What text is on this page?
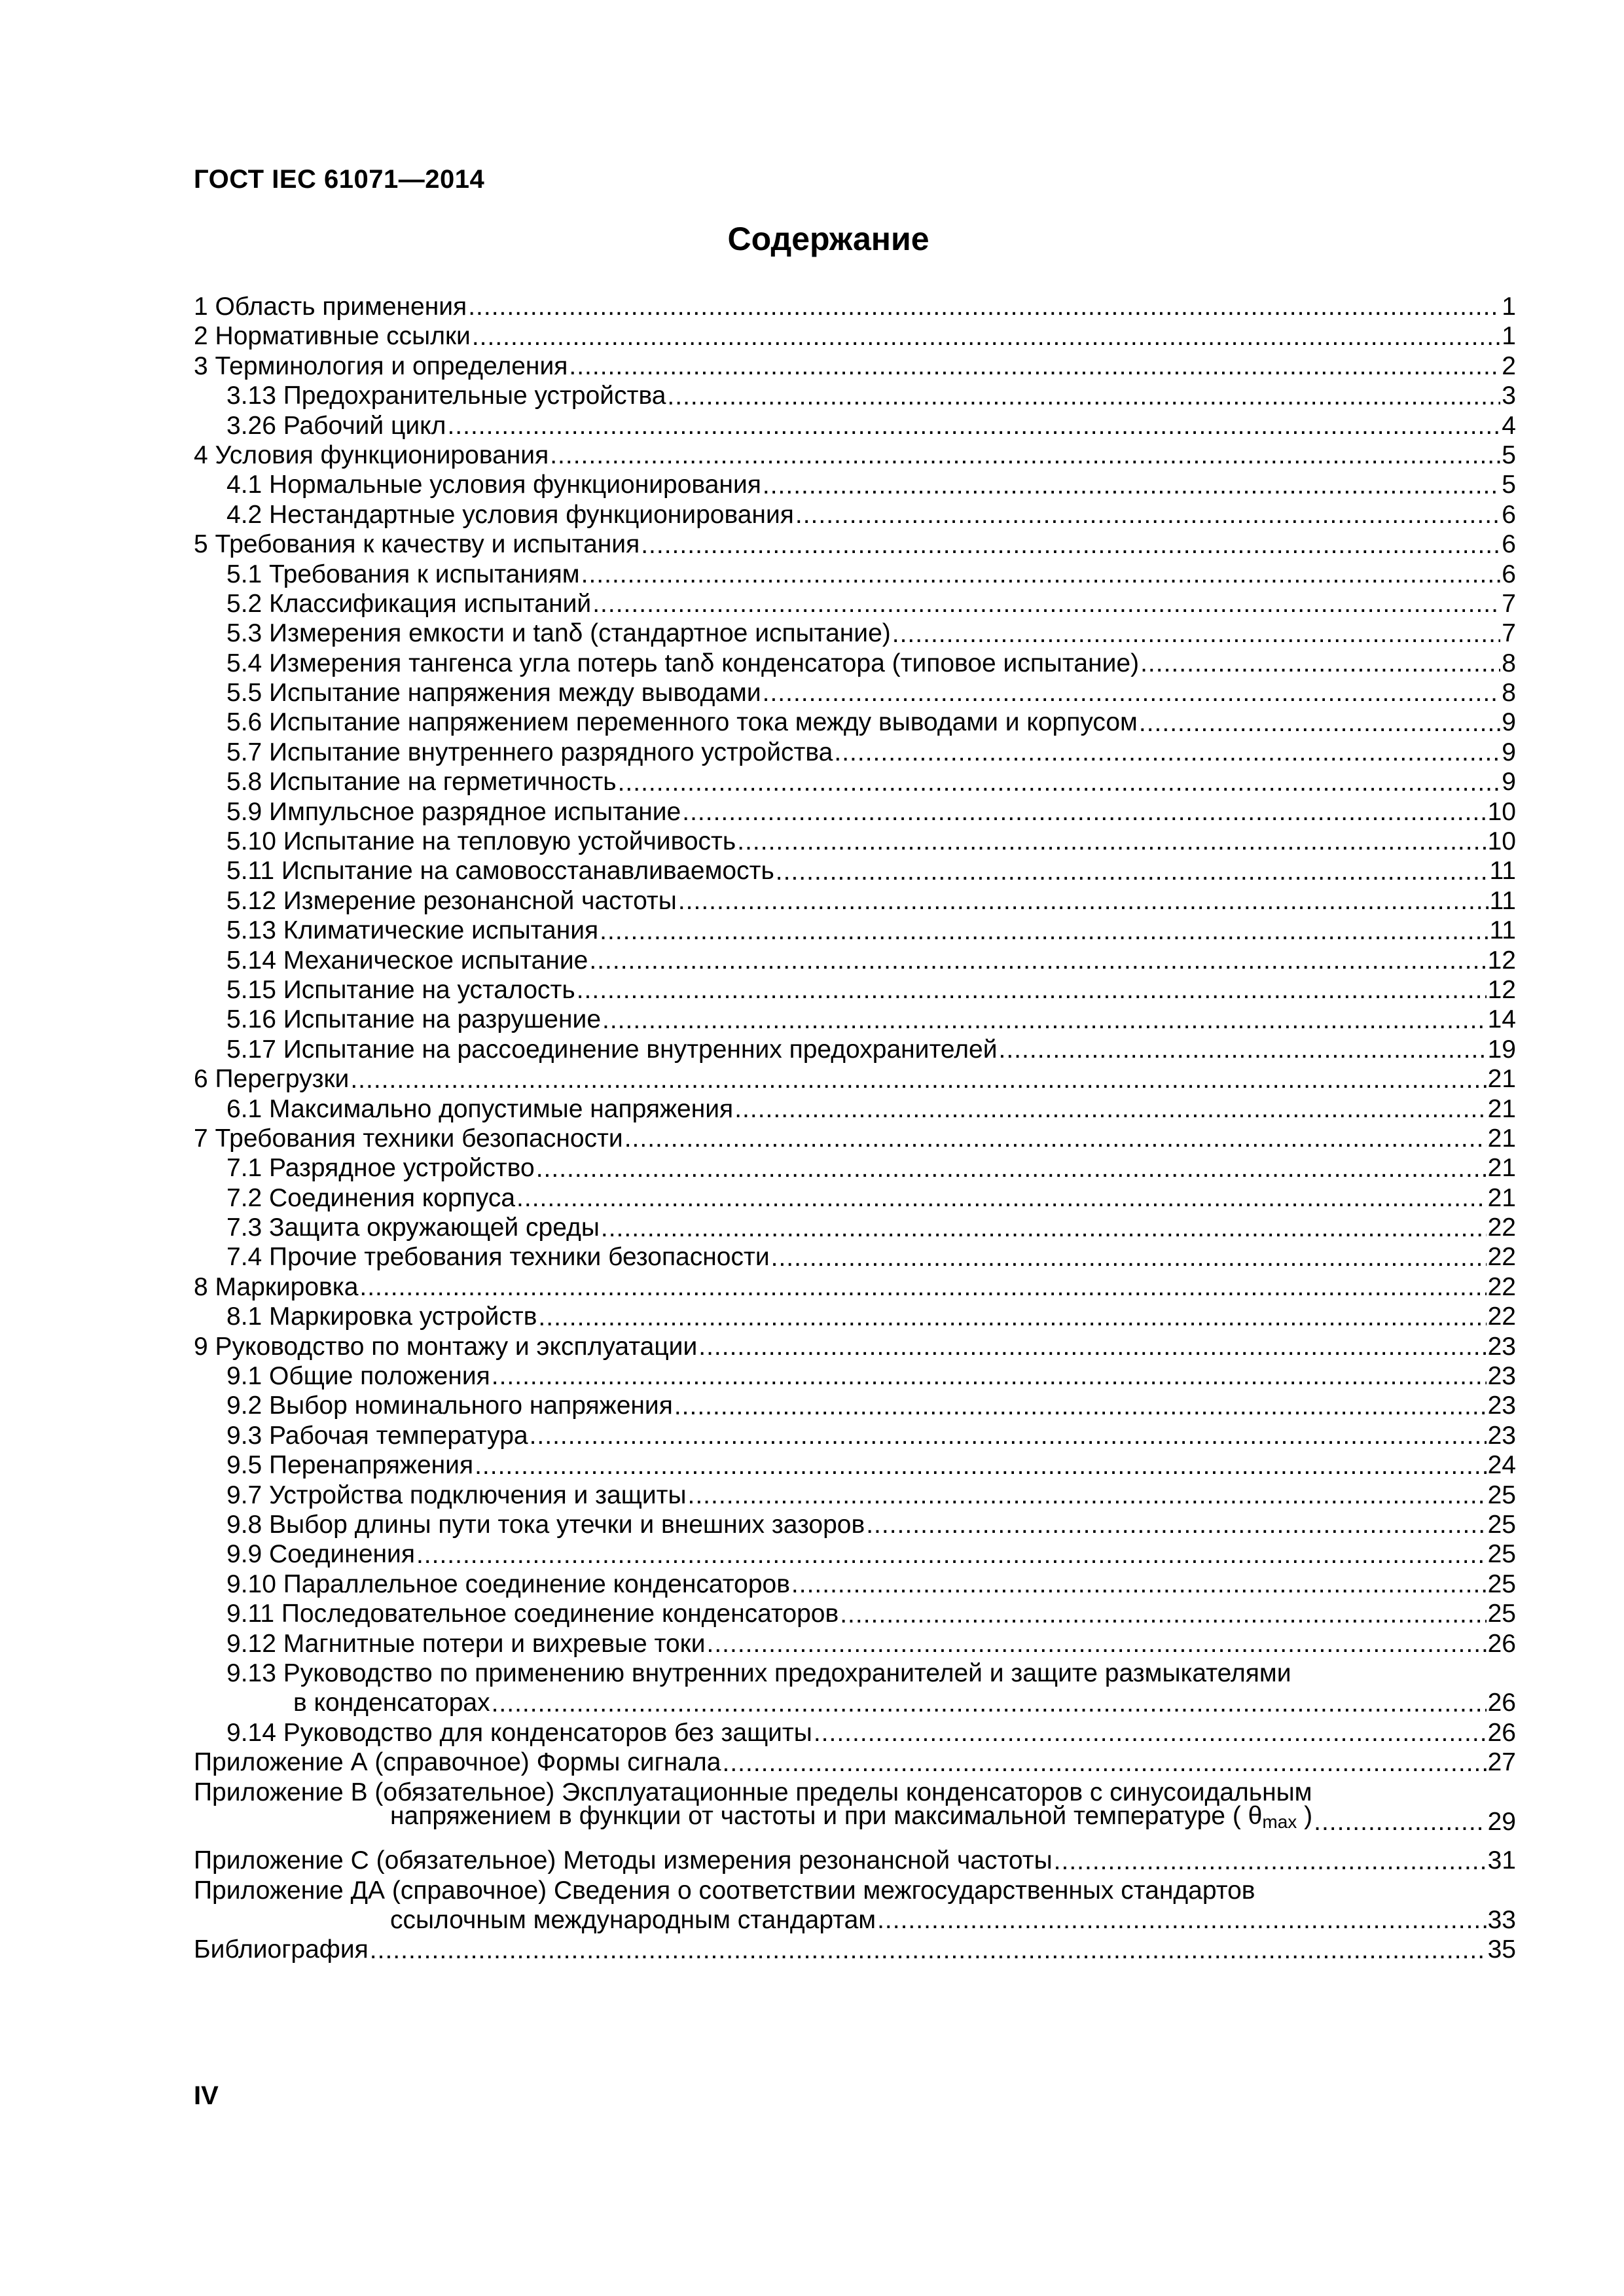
ГОСТ IEC 61071—2014
Содержание
1 Область применения .....	1
2 Нормативные ссылки .....	1
3 Терминология и определения .....	2
3.13 Предохранительные устройства .....	3
3.26 Рабочий цикл .....	4
4 Условия функционирования .....	5
4.1 Нормальные условия функционирования .....	5
4.2 Нестандартные условия функционирования .....	6
5 Требования к качеству и испытания .....	6
5.1 Требования к испытаниям .....	6
5.2 Классификация испытаний .....	7
5.3 Измерения емкости и tanδ (стандартное испытание) .....	7
5.4 Измерения тангенса угла потерь tanδ конденсатора (типовое испытание) .....	8
5.5 Испытание напряжения между выводами .....	8
5.6 Испытание напряжением переменного тока между выводами и корпусом .....	9
5.7 Испытание внутреннего разрядного устройства .....	9
5.8 Испытание на герметичность .....	9
5.9 Импульсное разрядное испытание .....	10
5.10 Испытание на тепловую устойчивость .....	10
5.11 Испытание на самовосстанавливаемость .....	11
5.12 Измерение резонансной частоты .....	11
5.13 Климатические испытания .....	11
5.14 Механическое испытание .....	12
5.15 Испытание на усталость .....	12
5.16 Испытание на разрушение .....	14
5.17 Испытание на рассоединение внутренних предохранителей .....	19
6 Перегрузки .....	21
6.1 Максимально допустимые напряжения .....	21
7 Требования техники безопасности .....	21
7.1 Разрядное устройство .....	21
7.2 Соединения корпуса .....	21
7.3 Защита окружающей среды .....	22
7.4 Прочие требования техники безопасности .....	22
8 Маркировка .....	22
8.1 Маркировка устройств .....	22
9 Руководство по монтажу и эксплуатации .....	23
9.1 Общие положения .....	23
9.2 Выбор номинального напряжения .....	23
9.3 Рабочая температура .....	23
9.5 Перенапряжения .....	24
9.7 Устройства подключения и защиты .....	25
9.8 Выбор длины пути тока утечки и внешних зазоров .....	25
9.9 Соединения .....	25
9.10 Параллельное соединение конденсаторов .....	25
9.11 Последовательное соединение конденсаторов .....	25
9.12 Магнитные потери и вихревые токи .....	26
9.13 Руководство по применению внутренних предохранителей и защите размыкателями
в конденсаторах .....	26
9.14 Руководство для конденсаторов без защиты .....	26
Приложение А (справочное) Формы сигнала .....	27
Приложение В (обязательное) Эксплуатационные пределы конденсаторов с синусоидальным
напряжением в функции от частоты и при максимальной температуре ( $\theta_{max}$ ) .....	29
Приложение С (обязательное) Методы измерения резонансной частоты .....	31
Приложение ДА (справочное) Сведения о соответствии межгосударственных стандартов
ссылочным международным стандартам .....	33
Библиография .....	35
IV
